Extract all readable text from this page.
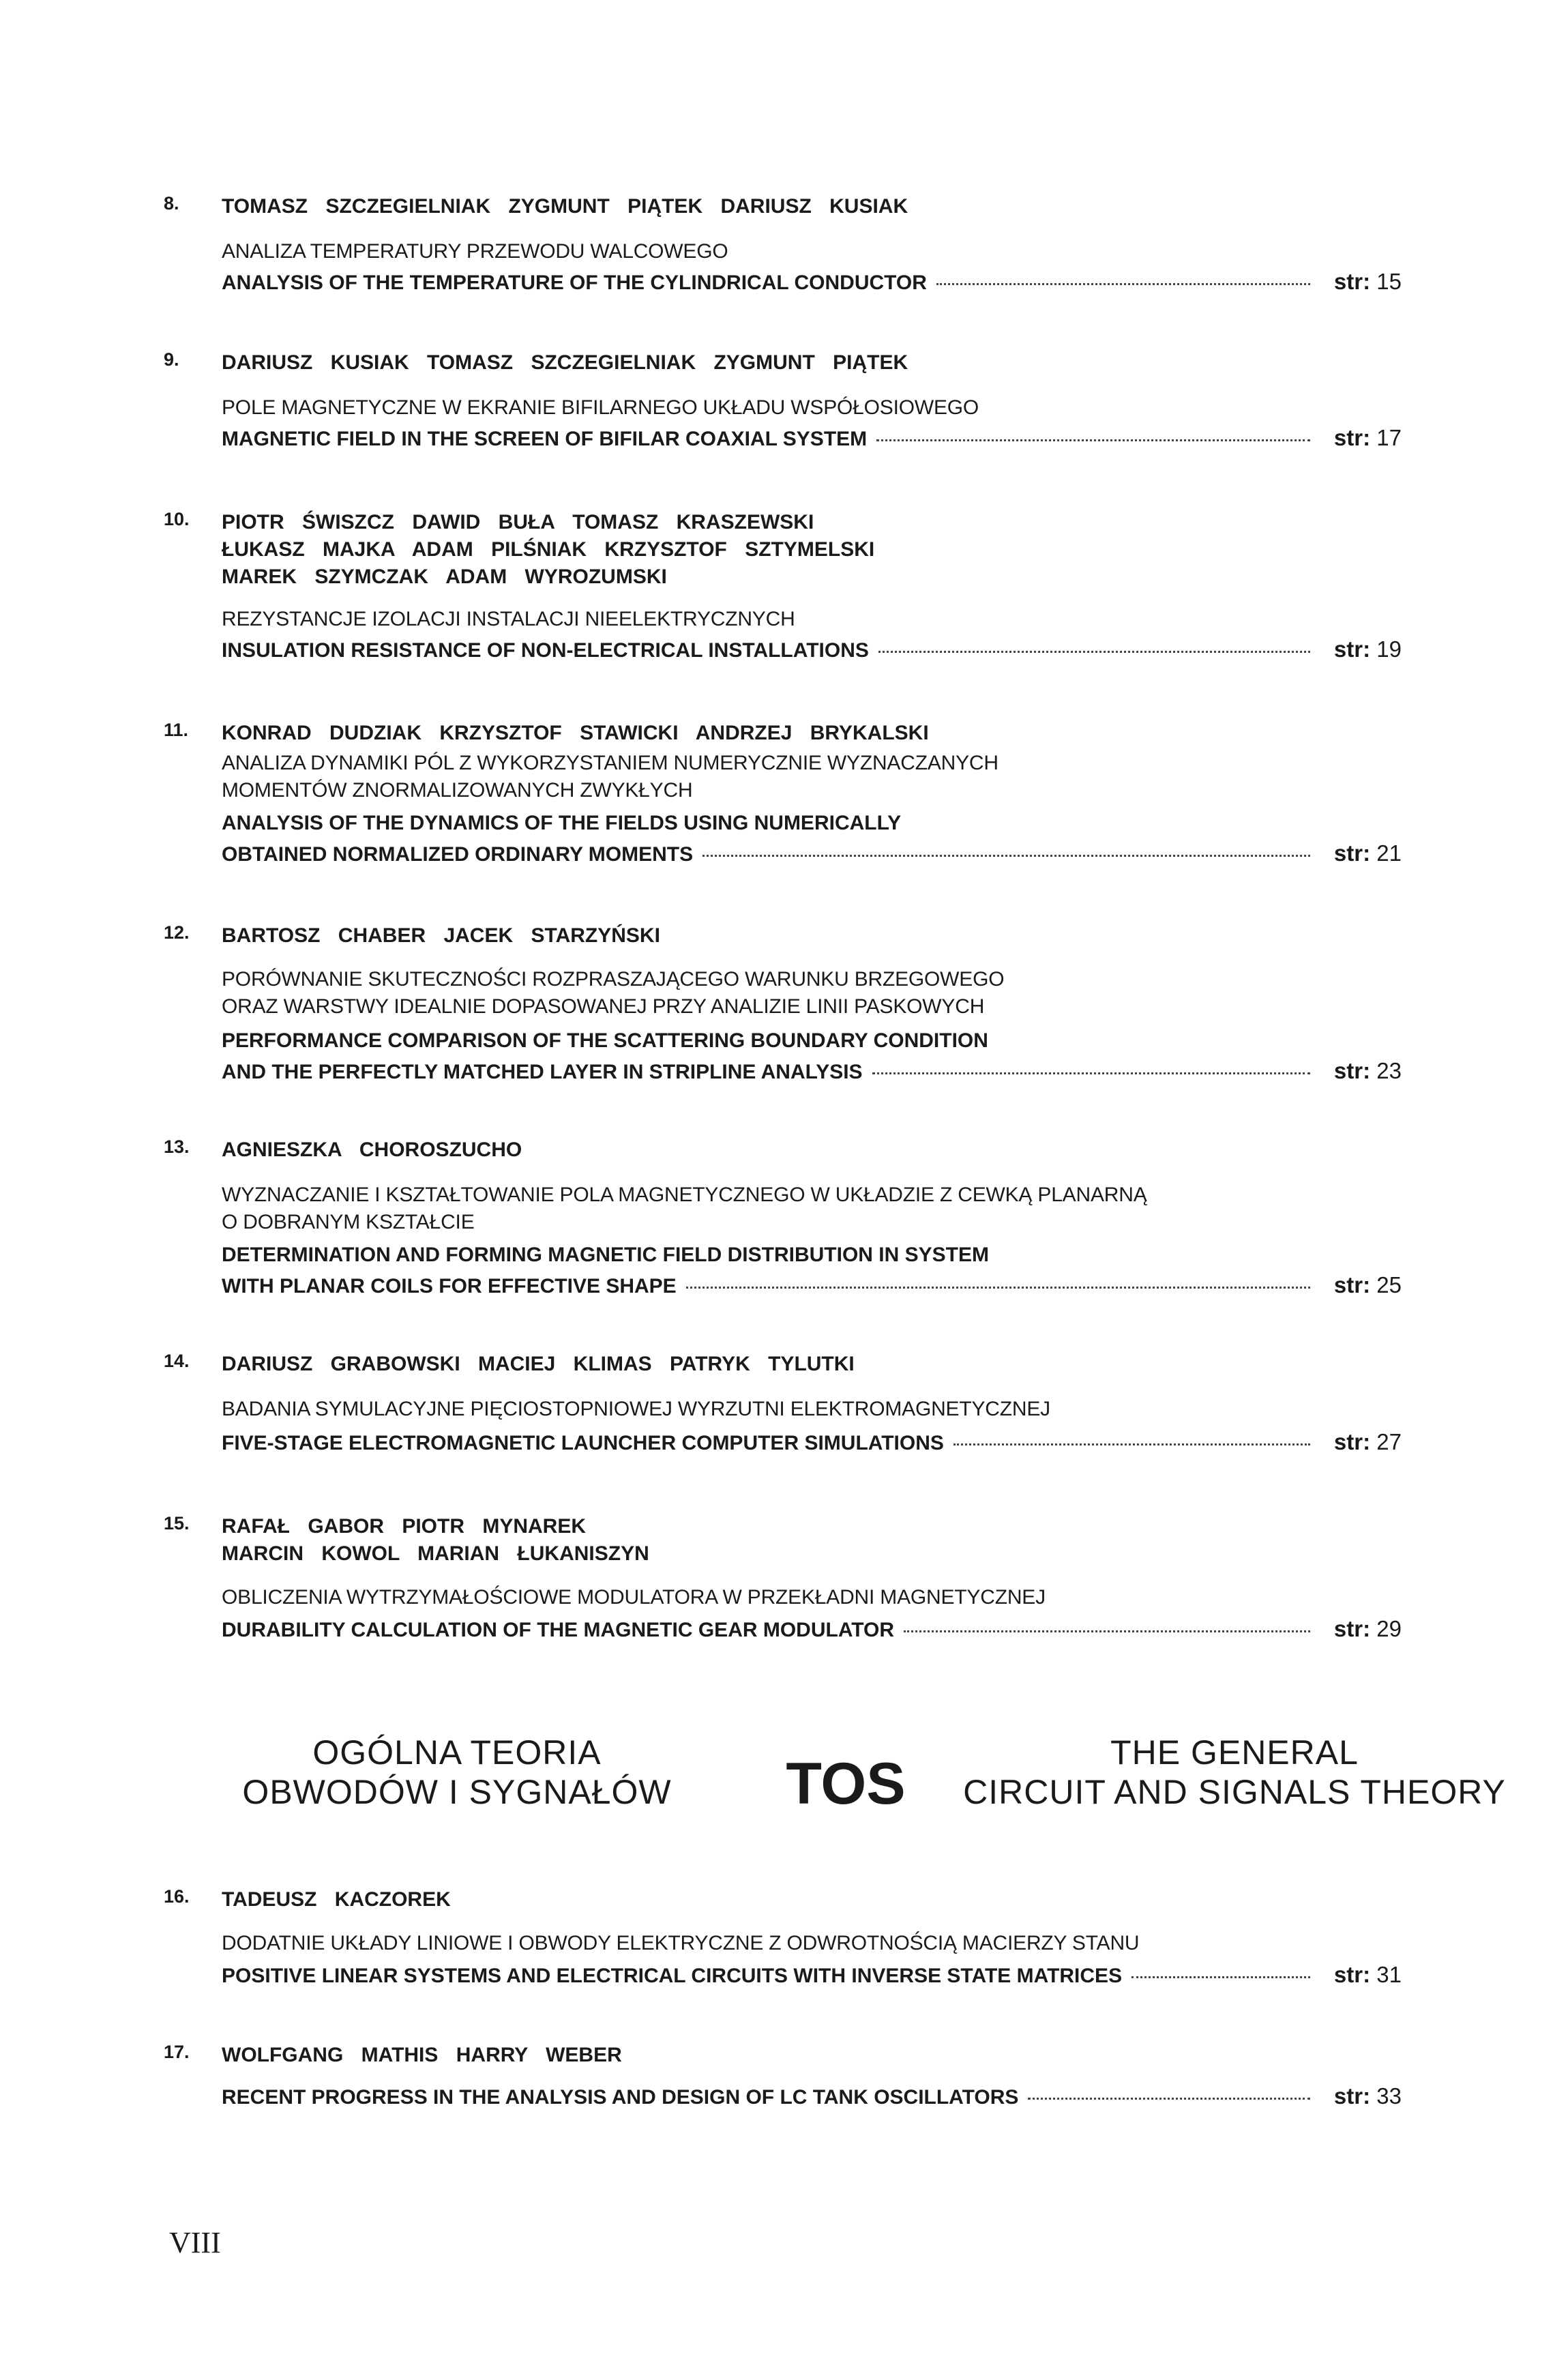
8. TOMASZ SZCZEGIELNIAK ZYGMUNT PIĄTEK DARIUSZ KUSIAK
ANALIZA TEMPERATURY PRZEWODU WALCOWEGO
ANALYSIS OF THE TEMPERATURE OF THE CYLINDRICAL CONDUCTOR	str: 15
9. DARIUSZ KUSIAK TOMASZ SZCZEGIELNIAK ZYGMUNT PIĄTEK
POLE MAGNETYCZNE W EKRANIE BIFILARNEGO UKŁADU WSPÓŁOSIOWEGO
MAGNETIC FIELD IN THE SCREEN OF BIFILAR COAXIAL SYSTEM	str: 17
10. PIOTR ŚWISZCZ DAWID BUŁA TOMASZ KRASZEWSKI
ŁUKASZ MAJKA ADAM PILŚNIAK KRZYSZTOF SZTYMELSKI
MAREK SZYMCZAK ADAM WYROZUMSKI
REZYSTANCJE IZOLACJI INSTALACJI NIEELEKTRYCZNYCH
INSULATION RESISTANCE OF NON-ELECTRICAL INSTALLATIONS	str: 19
11. KONRAD DUDZIAK KRZYSZTOF STAWICKI ANDRZEJ BRYKALSKI
ANALIZA DYNAMIKI PÓL Z WYKORZYSTANIEM NUMERYCZNIE WYZNACZANYCH
MOMENTÓW ZNORMALIZOWANYCH ZWYKŁYCH
ANALYSIS OF THE DYNAMICS OF THE FIELDS USING NUMERICALLY
OBTAINED NORMALIZED ORDINARY MOMENTS	str: 21
12. BARTOSZ CHABER JACEK STARZYŃSKI
PORÓWNANIE SKUTECZNOŚCI ROZPRASZAJĄCEGO WARUNKU BRZEGOWEGO
ORAZ WARSTWY IDEALNIE DOPASOWANEJ PRZY ANALIZIE LINII PASKOWYCH
PERFORMANCE COMPARISON OF THE SCATTERING BOUNDARY CONDITION
AND THE PERFECTLY MATCHED LAYER IN STRIPLINE ANALYSIS	str: 23
13. AGNIESZKA CHOROSZUCHO
WYZNACZANIE I KSZTAŁTOWANIE POLA MAGNETYCZNEGO W UKŁADZIE Z CEWKĄ PLANARNĄ
O DOBRANYM KSZTAŁCIE
DETERMINATION AND FORMING MAGNETIC FIELD DISTRIBUTION IN SYSTEM
WITH PLANAR COILS FOR EFFECTIVE SHAPE	str: 25
14. DARIUSZ GRABOWSKI MACIEJ KLIMAS PATRYK TYLUTKI
BADANIA SYMULACYJNE PIĘCIOSTOPNIOWEJ WYRZUTNI ELEKTROMAGNETYCZNEJ
FIVE-STAGE ELECTROMAGNETIC LAUNCHER COMPUTER SIMULATIONS	str: 27
15. RAFAŁ GABOR PIOTR MYNAREK
MARCIN KOWOL MARIAN ŁUKANISZYN
OBLICZENIA WYTRZYMAŁOŚCIOWE MODULATORA W PRZEKŁADNI MAGNETYCZNEJ
DURABILITY CALCULATION OF THE MAGNETIC GEAR MODULATOR	str: 29
OGÓLNA TEORIA
OBWODÓW I SYGNAŁÓW	TOS	THE GENERAL
CIRCUIT AND SIGNALS THEORY
16. TADEUSZ KACZOREK
DODATNIE UKŁADY LINIOWE I OBWODY ELEKTRYCZNE Z ODWROTNOŚCIĄ MACIERZY STANU
POSITIVE LINEAR SYSTEMS AND ELECTRICAL CIRCUITS WITH INVERSE STATE MATRICES	str: 31
17. WOLFGANG MATHIS HARRY WEBER
RECENT PROGRESS IN THE ANALYSIS AND DESIGN OF LC TANK OSCILLATORS	str: 33
VIII
